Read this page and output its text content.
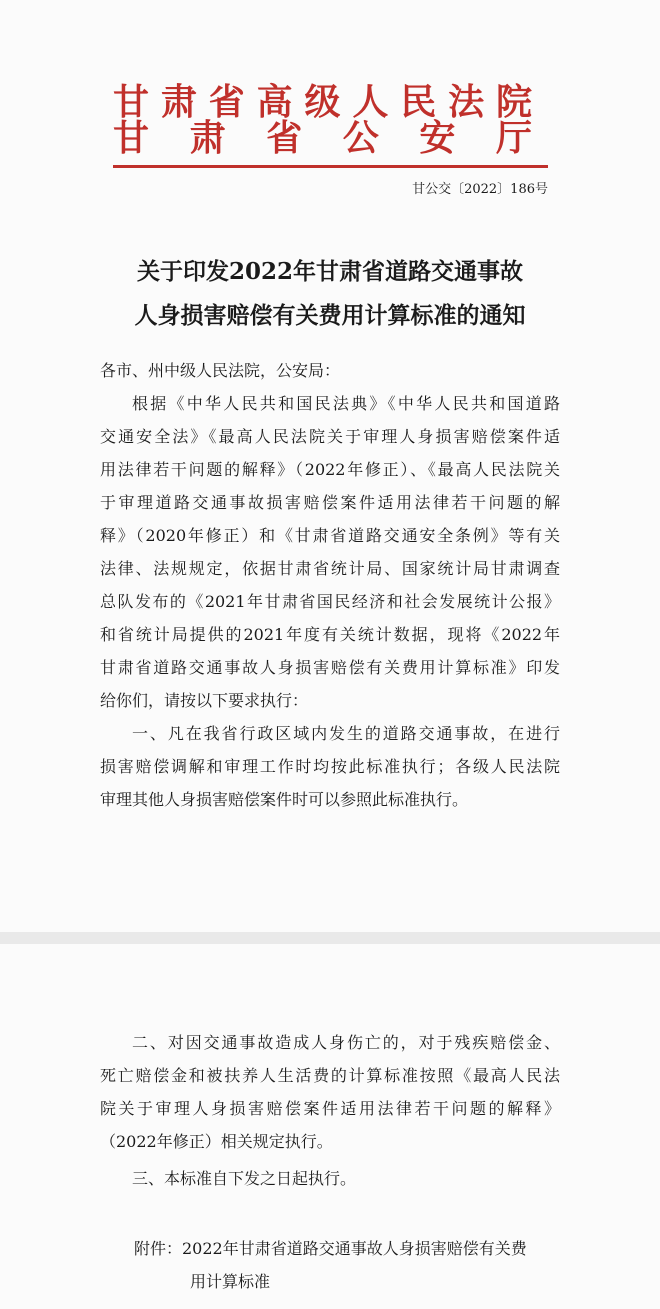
甘肃省高级人民法院
甘肃省公安厅
甘公交〔2022〕186号
关于印发2022年甘肃省道路交通事故
人身损害赔偿有关费用计算标准的通知
各市、州中级人民法院，公安局：
根据《中华人民共和国民法典》《中华人民共和国道路
交通安全法》《最高人民法院关于审理人身损害赔偿案件适
用法律若干问题的解释》（2022年修正）、《最高人民法院关
于审理道路交通事故损害赔偿案件适用法律若干问题的解
释》（2020年修正）和《甘肃省道路交通安全条例》等有关
法律、法规规定，依据甘肃省统计局、国家统计局甘肃调查
总队发布的《2021年甘肃省国民经济和社会发展统计公报》
和省统计局提供的2021年度有关统计数据，现将《2022年
甘肃省道路交通事故人身损害赔偿有关费用计算标准》印发
给你们，请按以下要求执行：
一、凡在我省行政区域内发生的道路交通事故，在进行
损害赔偿调解和审理工作时均按此标准执行；各级人民法院
审理其他人身损害赔偿案件时可以参照此标准执行。
二、对因交通事故造成人身伤亡的，对于残疾赔偿金、
死亡赔偿金和被扶养人生活费的计算标准按照《最高人民法
院关于审理人身损害赔偿案件适用法律若干问题的解释》
（2022年修正）相关规定执行。
三、本标准自下发之日起执行。
附件：2022年甘肃省道路交通事故人身损害赔偿有关费
用计算标准
